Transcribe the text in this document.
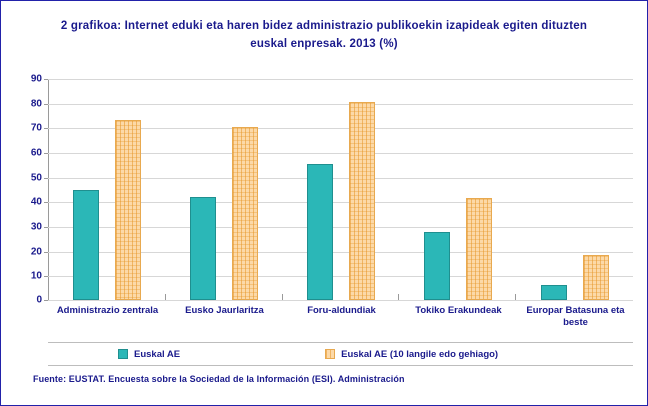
2 grafikoa: Internet eduki eta haren bidez administrazio publikoekin izapideak egiten dituzten euskal enpresak. 2013 (%)
90
80
70
60
50
40
30
20
10
0
Administrazio zentrala	Eusko Jaurlaritza	Foru-aldundiak	Tokiko Erakundeak	Europar Batasuna eta beste
Euskal AE	Euskal AE (10 langile edo gehiago)
Fuente: EUSTAT. Encuesta sobre la Sociedad de la Información (ESI). Administración
